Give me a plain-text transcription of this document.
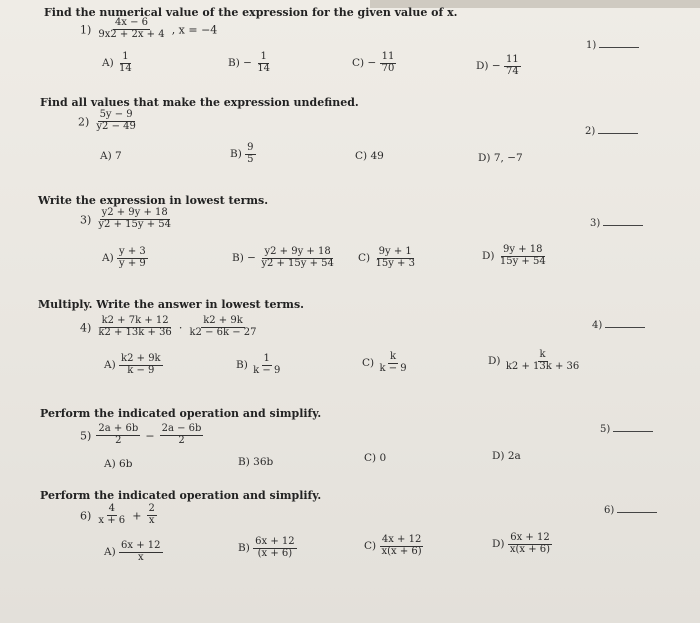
Find the numerical value of the expression for the given value of x.
$1) \frac{4x - 6}{9x2 + 2x + 4}$ , x = −4
1)
$A) \frac{1}{14}$	$B) - \frac{1}{14}$	$C) - \frac{11}{70}$	$D) - \frac{11}{74}$
Find all values that make the expression undefined.
$2) \frac{5y - 9}{y2 - 49}$	2)
A) 7	$B) \frac{9}{5}$	C) 49	D) 7, −7
Write the expression in lowest terms.
$3) \frac{y2 + 9y + 18}{y2 + 15y + 54}$	3)
$A) \frac{y + 3}{y + 9}$	$B) - \frac{y2 + 9y + 18}{y2 + 15y + 54} C) \frac{9y + 1}{15y + 3}$	$D) \frac{9y + 18}{15y + 54}$
Multiply. Write the answer in lowest terms.
$4) \frac{k2 + 7k + 12}{k2 + 13k + 36} \cdot \frac{k2 + 9k}{k2 - 6k - 27}$	4)
$A) \frac{k2 + 9k}{k - 9}$	$B) \frac{1}{k - 9}$	$C) \frac{k}{k - 9}$	$D) \frac{k}{k2 + 13k + 36}$
Perform the indicated operation and simplify.
$5) \frac{2a + 6b}{2} - \frac{2a - 6b}{2}$	5)
A) 6b	B) 36b	C) 0	D) 2a
Perform the indicated operation and simplify.
$6) \frac{4}{x + 6} + \frac{2}{x}$	6)
$A) \frac{6x + 12}{x}$	$B) \frac{6x + 12}{(x + 6)}$	$C) \frac{4x + 12}{x(x + 6)}$	$D) \frac{6x + 12}{x(x + 6)}$
